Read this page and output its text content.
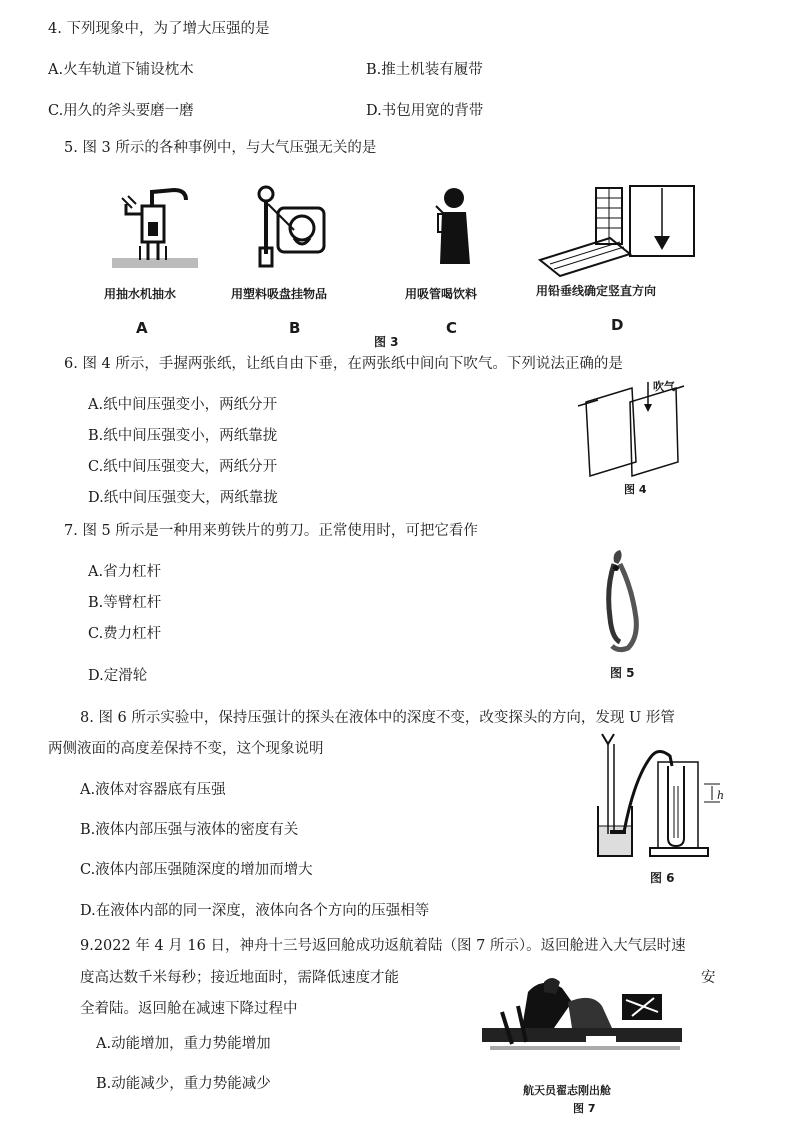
4. 下列现象中，为了增大压强的是
A.火车轨道下铺设枕木	B.推土机装有履带
C.用久的斧头要磨一磨	D.书包用宽的背带
5. 图 3 所示的各种事例中，与大气压强无关的是
用抽水机抽水
A
用塑料吸盘挂物品
B
用吸管喝饮料
C
用铅垂线确定竖直方向
D
图 3
6. 图 4 所示，手握两张纸，让纸自由下垂，在两张纸中间向下吹气。下列说法正确的是
A.纸中间压强变小，两纸分开
B.纸中间压强变小，两纸靠拢
C.纸中间压强变大，两纸分开
D.纸中间压强变大，两纸靠拢
吹气
图 4
7. 图 5 所示是一种用来剪铁片的剪刀。正常使用时，可把它看作
A.省力杠杆
B.等臂杠杆
C.费力杠杆
D.定滑轮	图 5
8. 图 6 所示实验中，保持压强计的探头在液体中的深度不变，改变探头的方向，发现 U 形管
两侧液面的高度差保持不变，这个现象说明
A.液体对容器底有压强
B.液体内部压强与液体的密度有关
C.液体内部压强随深度的增加而增大
D.在液体内部的同一深度，液体向各个方向的压强相等
h
图 6
9.2022 年 4 月 16 日，神舟十三号返回舱成功返航着陆（图 7 所示）。返回舱进入大气层时速
度高达数千米每秒；接近地面时，需降低速度才能	安
全着陆。返回舱在减速下降过程中
A.动能增加，重力势能增加
B.动能减少，重力势能减少	航天员翟志刚出舱
图 7
